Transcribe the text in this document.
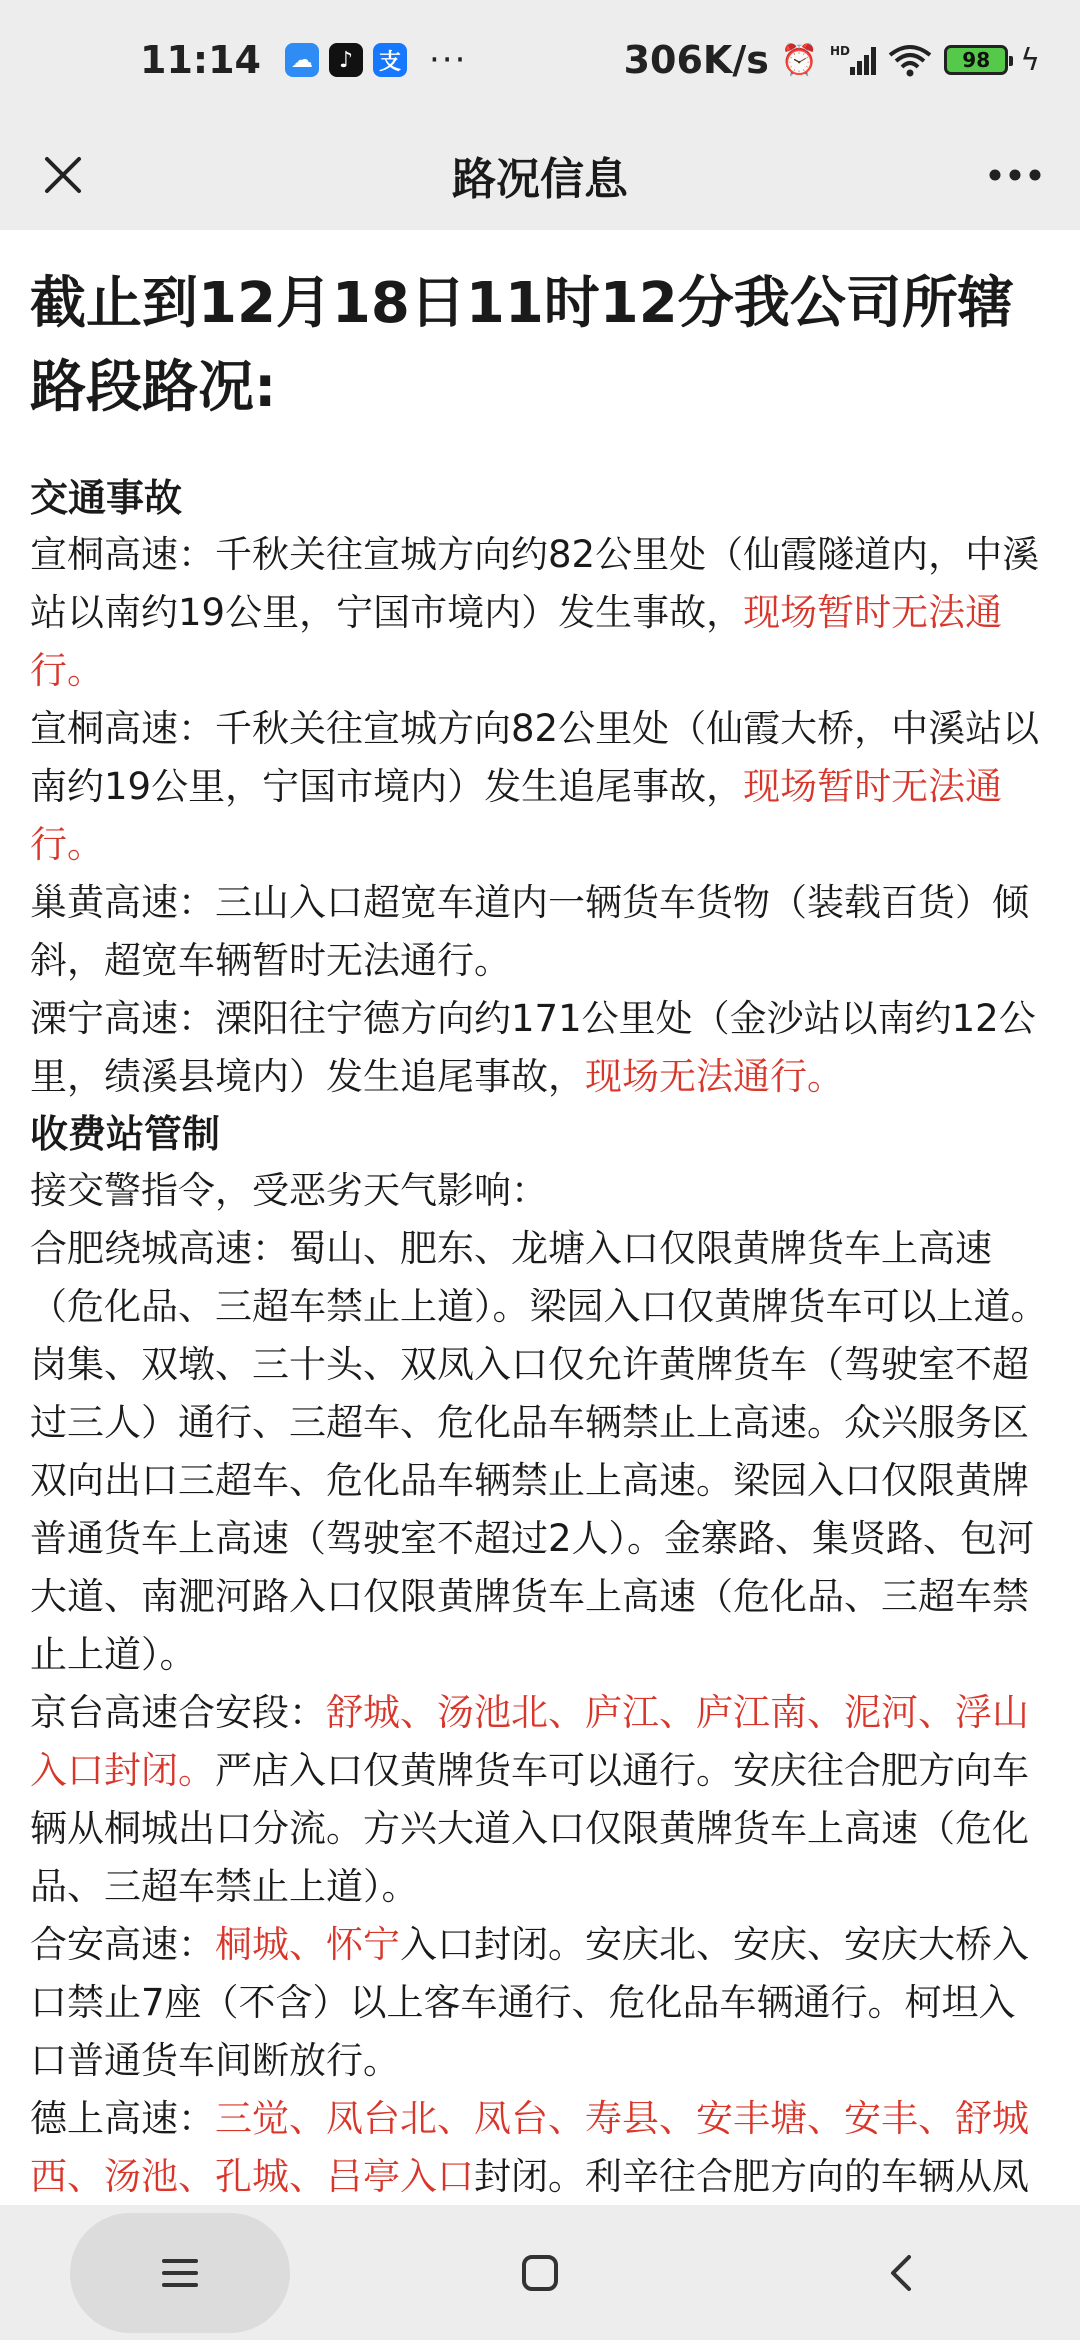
11:14 ☁	♪	支 ···	306K/s ⏰ HD	98 ϟ
路况信息
截止到12月18日11时12分我公司所辖路段路况:
交通事故

宣桐高速：千秋关往宣城方向约82公里处（仙霞隧道内，中溪站以南约19公里，宁国市境内）发生事故，现场暂时无法通行。

宣桐高速：千秋关往宣城方向82公里处（仙霞大桥，中溪站以南约19公里，宁国市境内）发生追尾事故，现场暂时无法通行。

巢黄高速：三山入口超宽车道内一辆货车货物（装载百货）倾斜，超宽车辆暂时无法通行。

溧宁高速：溧阳往宁德方向约171公里处（金沙站以南约12公里，绩溪县境内）发生追尾事故，现场无法通行。

收费站管制

接交警指令，受恶劣天气影响：

合肥绕城高速：蜀山、肥东、龙塘入口仅限黄牌货车上高速（危化品、三超车禁止上道）。梁园入口仅黄牌货车可以上道。岗集、双墩、三十头、双凤入口仅允许黄牌货车（驾驶室不超过三人）通行、三超车、危化品车辆禁止上高速。众兴服务区双向出口三超车、危化品车辆禁止上高速。梁园入口仅限黄牌普通货车上高速（驾驶室不超过2人）。金寨路、集贤路、包河大道、南淝河路入口仅限黄牌货车上高速（危化品、三超车禁止上道）。

京台高速合安段：舒城、汤池北、庐江、庐江南、泥河、浮山入口封闭。严店入口仅黄牌货车可以通行。安庆往合肥方向车辆从桐城出口分流。方兴大道入口仅限黄牌货车上高速（危化品、三超车禁止上道）。

合安高速：桐城、怀宁入口封闭。安庆北、安庆、安庆大桥入口禁止7座（不含）以上客车通行、危化品车辆通行。柯坦入口普通货车间断放行。

德上高速：三觉、凤台北、凤台、寿县、安丰塘、安丰、舒城西、汤池、孔城、吕亭入口封闭。利辛往合肥方向的车辆从凤
